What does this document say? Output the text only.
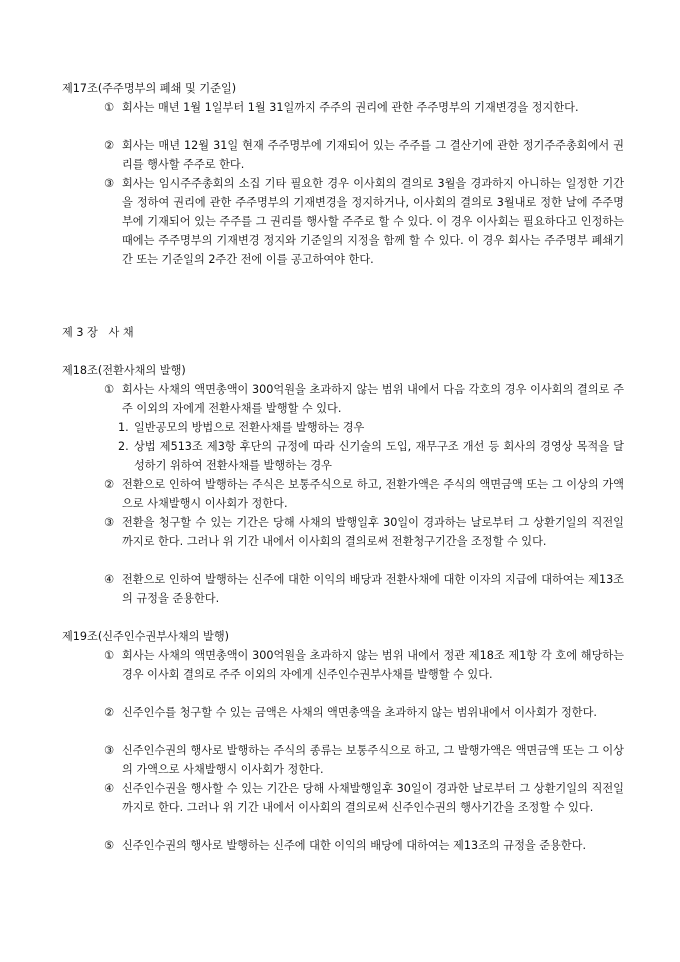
제17조(주주명부의 폐쇄 및 기준일)
① 회사는 매년 1월 1일부터 1월 31일까지 주주의 권리에 관한 주주명부의 기재변경을 정지한다.
② 회사는 매년 12월 31일 현재 주주명부에 기재되어 있는 주주를 그 결산기에 관한 정기주주총회에서 권리를 행사할 주주로 한다.
③ 회사는 임시주주총회의 소집 기타 필요한 경우 이사회의 결의로 3월을 경과하지 아니하는 일정한 기간을 정하여 권리에 관한 주주명부의 기재변경을 정지하거나, 이사회의 결의로 3월내로 정한 날에 주주명부에 기재되어 있는 주주를 그 권리를 행사할 주주로 할 수 있다. 이 경우 이사회는 필요하다고 인정하는 때에는 주주명부의 기재변경 정지와 기준일의 지정을 함께 할 수 있다. 이 경우 회사는 주주명부 폐쇄기간 또는 기준일의 2주간 전에 이를 공고하여야 한다.
제 3 장   사 채
제18조(전환사채의 발행)
① 회사는 사채의 액면총액이 300억원을 초과하지 않는 범위 내에서 다음 각호의 경우 이사회의 결의로 주주 이외의 자에게 전환사채를 발행할 수 있다.
1. 일반공모의 방법으로 전환사채를 발행하는 경우
2. 상법 제513조 제3항 후단의 규정에 따라 신기술의 도입, 재무구조 개선 등 회사의 경영상 목적을 달성하기 위하여 전환사채를 발행하는 경우
② 전환으로 인하여 발행하는 주식은 보통주식으로 하고, 전환가액은 주식의 액면금액 또는 그 이상의 가액으로 사채발행시 이사회가 정한다.
③ 전환을 청구할 수 있는 기간은 당해 사채의 발행일후 30일이 경과하는 날로부터 그 상환기일의 직전일까지로 한다. 그러나 위 기간 내에서 이사회의 결의로써 전환청구기간을 조정할 수 있다.
④ 전환으로 인하여 발행하는 신주에 대한 이익의 배당과 전환사채에 대한 이자의 지급에 대하여는 제13조의 규정을 준용한다.
제19조(신주인수권부사채의 발행)
① 회사는 사채의 액면총액이 300억원을 초과하지 않는 범위 내에서 정관 제18조 제1항 각 호에 해당하는 경우 이사회 결의로 주주 이외의 자에게 신주인수권부사채를 발행할 수 있다.
② 신주인수를 청구할 수 있는 금액은 사채의 액면총액을 초과하지 않는 범위내에서 이사회가 정한다.
③ 신주인수권의 행사로 발행하는 주식의 종류는 보통주식으로 하고, 그 발행가액은 액면금액 또는 그 이상의 가액으로 사채발행시 이사회가 정한다.
④ 신주인수권을 행사할 수 있는 기간은 당해 사채발행일후 30일이 경과한 날로부터 그 상환기일의 직전일까지로 한다. 그러나 위 기간 내에서 이사회의 결의로써 신주인수권의 행사기간을 조정할 수 있다.
⑤ 신주인수권의 행사로 발행하는 신주에 대한 이익의 배당에 대하여는 제13조의 규정을 준용한다.
